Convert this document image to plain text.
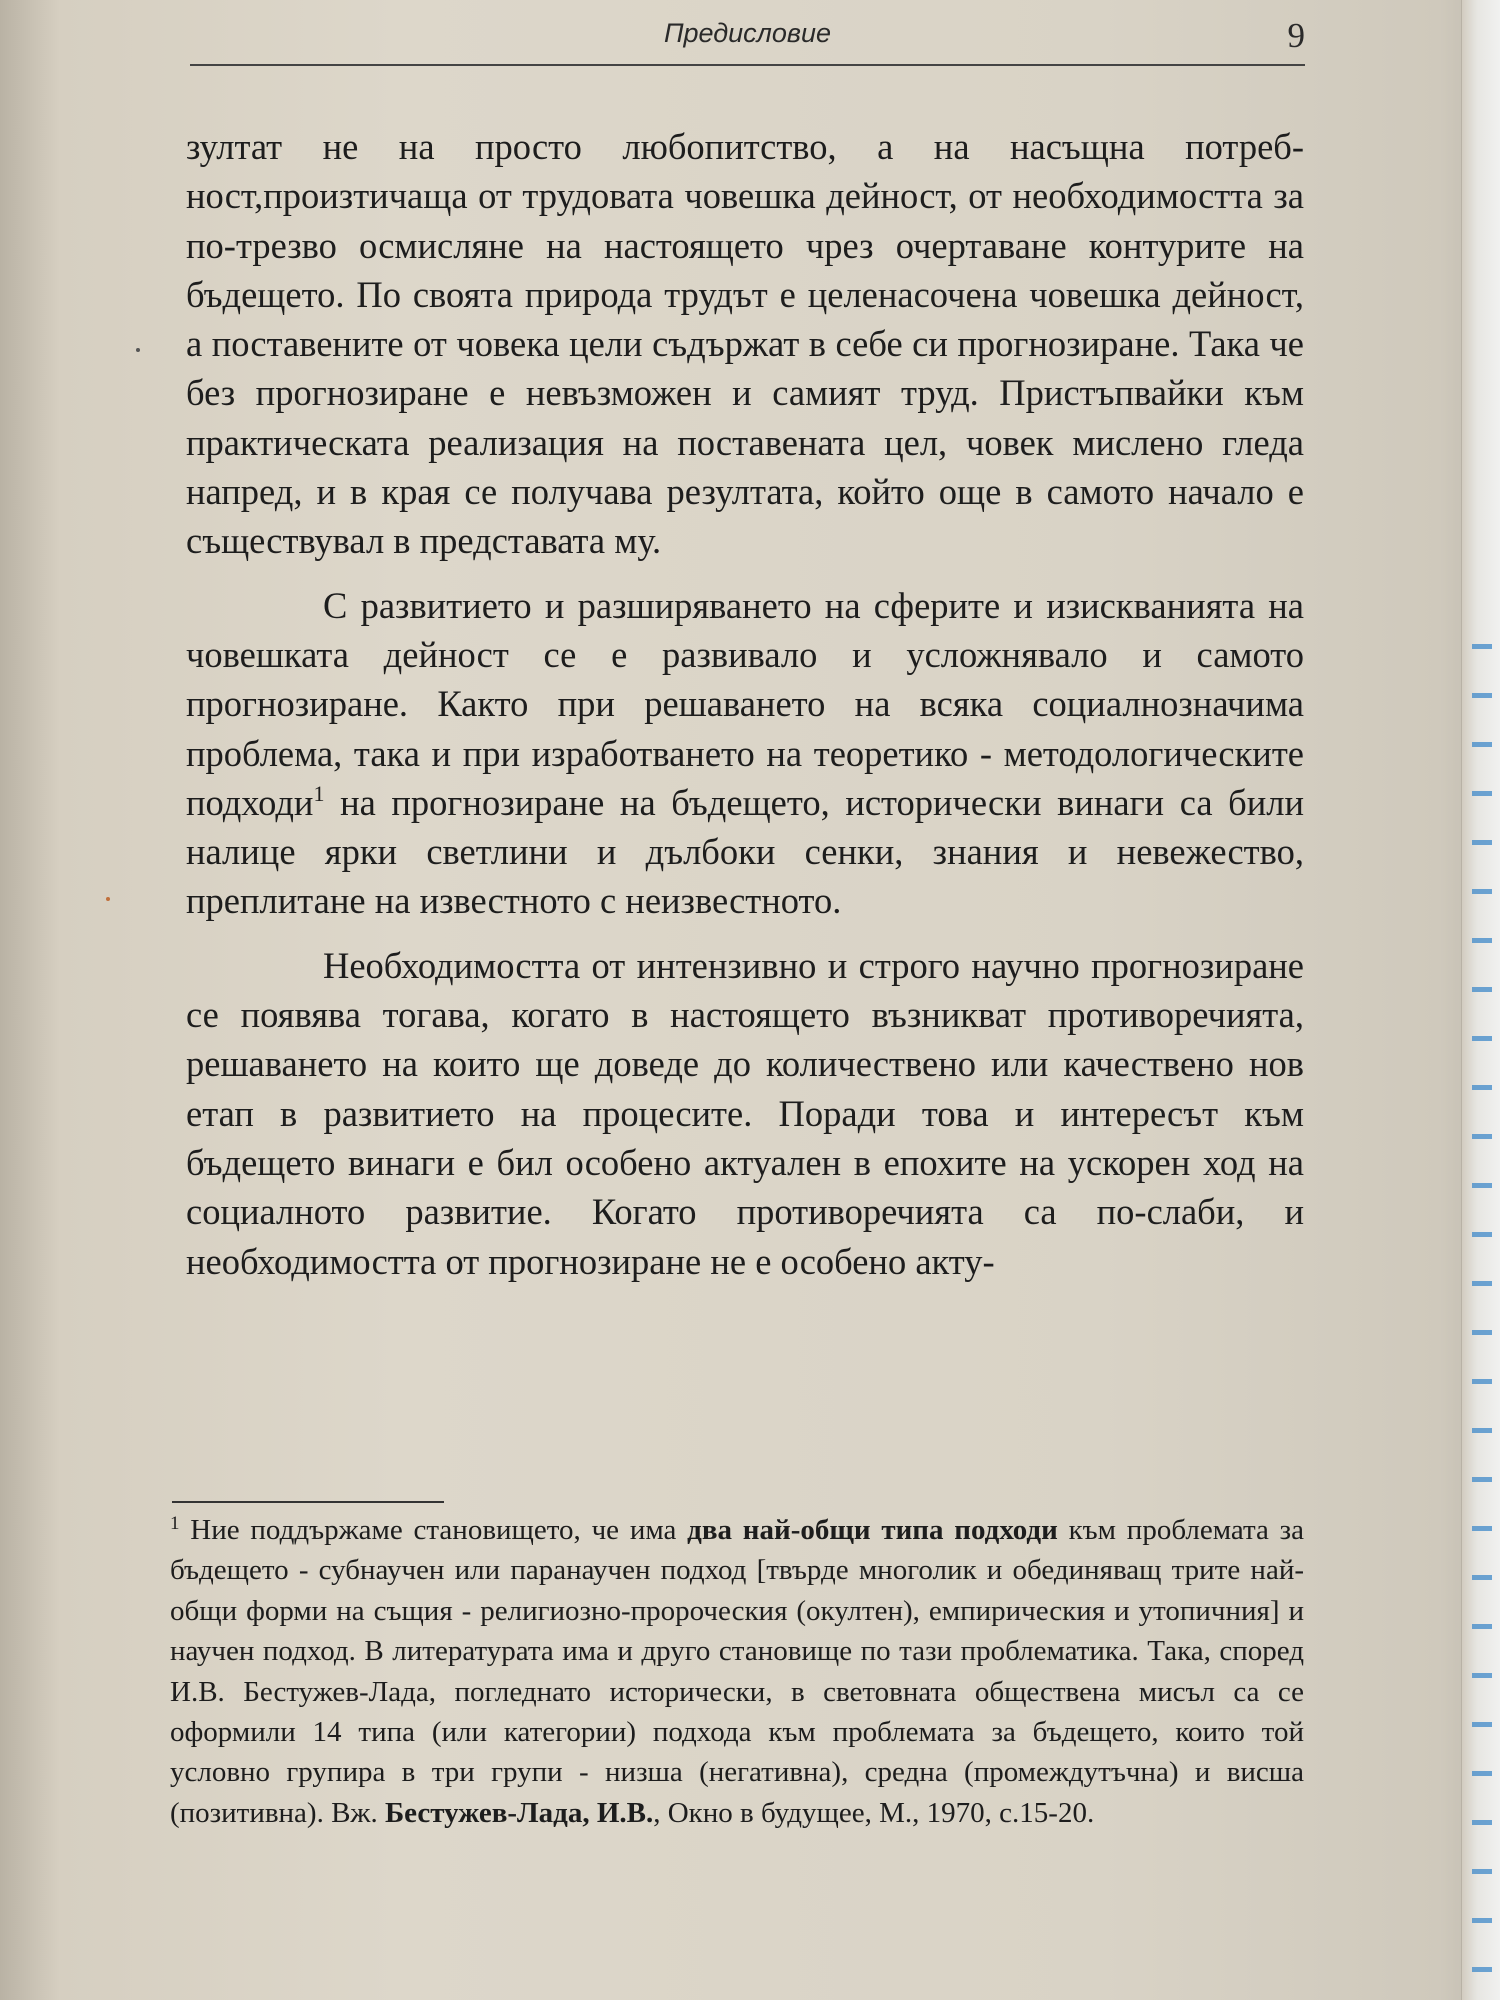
Предисловие	9

зултат не на просто любопитство, а на насъщна потребност,произтичаща от трудовата човешка дейност, от необходимостта за по-трезво осмисляне на настоящето чрез очертаване контурите на бъдещето. По своята природа трудът е целенасочена човешка дейност, а поставените от човека цели съдържат в себе си прогнозиране. Така че без прогнозиране е невъзможен и самият труд. Пристъпвайки към практическата реализация на поставената цел, човек мислено гледа напред, и в края се получава резултата, който още в самото начало е съществувал в представата му.

С развитието и разширяването на сферите и изискванията на човешката дейност се е развивало и усложнявало и самото прогнозиране. Както при решаването на всяка социалнозначима проблема, така и при изработването на теоретико - методологическите подходи$^1$ на прогнозиране на бъдещето, исторически винаги са били налице ярки светлини и дълбоки сенки, знания и невежество, преплитане на известното с неизвестното.

Необходимостта от интензивно и строго научно прогнозиране се появява тогава, когато в настоящето възникват противоречията, решаването на които ще доведе до количествено или качествено нов етап в развитието на процесите. Поради това и интересът към бъдещето винаги е бил особено актуален в епохите на ускорен ход на социалното развитие. Когато противоречията са по-слаби, и необходимостта от прогнозиране не е особено акту-

$^1$ Ние поддържаме становището, че има два най-общи типа подходи към проблемата за бъдещето - субнаучен или паранаучен подход [твърде многолик и обединяващ трите най-общи форми на същия - религиозно-пророческия (окултен), емпирическия и утопичния] и научен подход. В литературата има и друго становище по тази проблематика. Така, според И.В. Бестужев-Лада, погледнато исторически, в световната обществена мисъл са се оформили 14 типа (или категории) подхода към проблемата за бъдещето, които той условно групира в три групи - низша (негативна), средна (промеждутъчна) и висша (позитивна). Вж. Бестужев-Лада, И.В., Окно в будущее, М., 1970, с.15-20.
